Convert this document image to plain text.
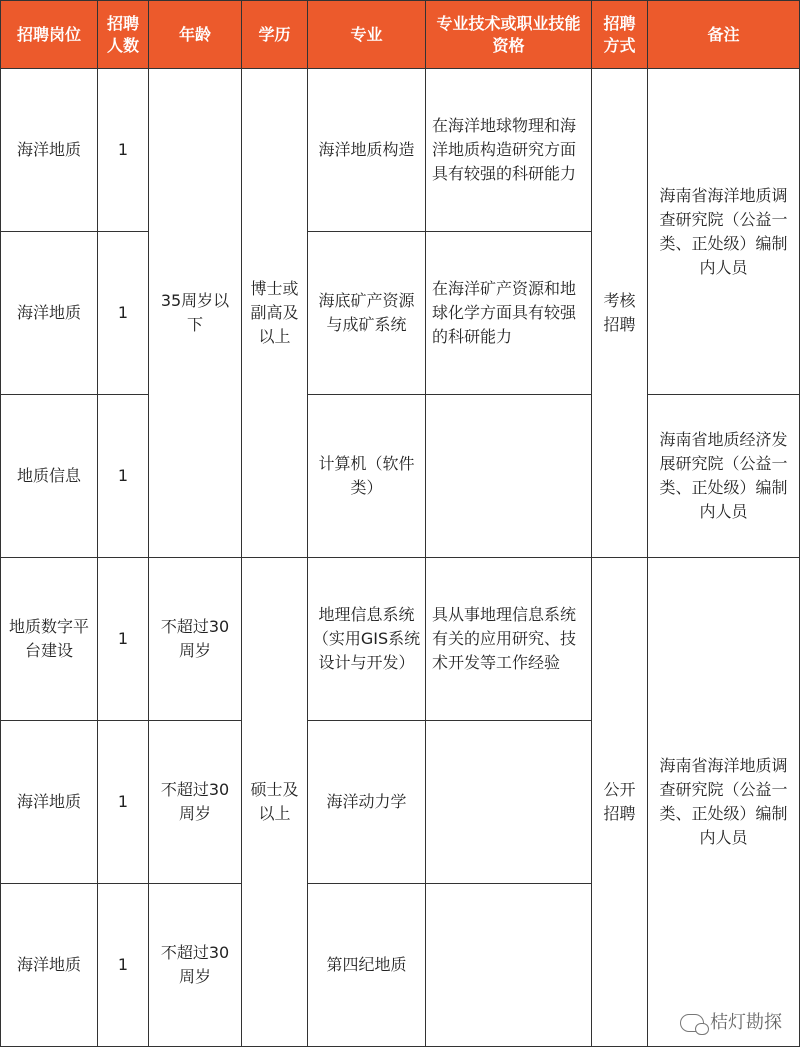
招聘岗位	招聘人数	年龄	学历	专业	专业技术或职业技能资格	招聘方式	备注
海洋地质	1	35周岁以下	博士或副高及以上	海洋地质构造	在海洋地球物理和海洋地质构造研究方面具有较强的科研能力	考核招聘	海南省海洋地质调查研究院（公益一类、正处级）编制内人员
海洋地质	1			海底矿产资源与成矿系统	在海洋矿产资源和地球化学方面具有较强的科研能力		
地质信息	1			计算机（软件类）			海南省地质经济发展研究院（公益一类、正处级）编制内人员
地质数字平台建设	1	不超过30周岁	硕士及以上	地理信息系统（实用GIS系统设计与开发）	具从事地理信息系统有关的应用研究、技术开发等工作经验	公开招聘	海南省海洋地质调查研究院（公益一类、正处级）编制内人员
海洋地质	1	不超过30周岁		海洋动力学			
海洋地质	1	不超过30周岁		第四纪地质			
桔灯勘探
